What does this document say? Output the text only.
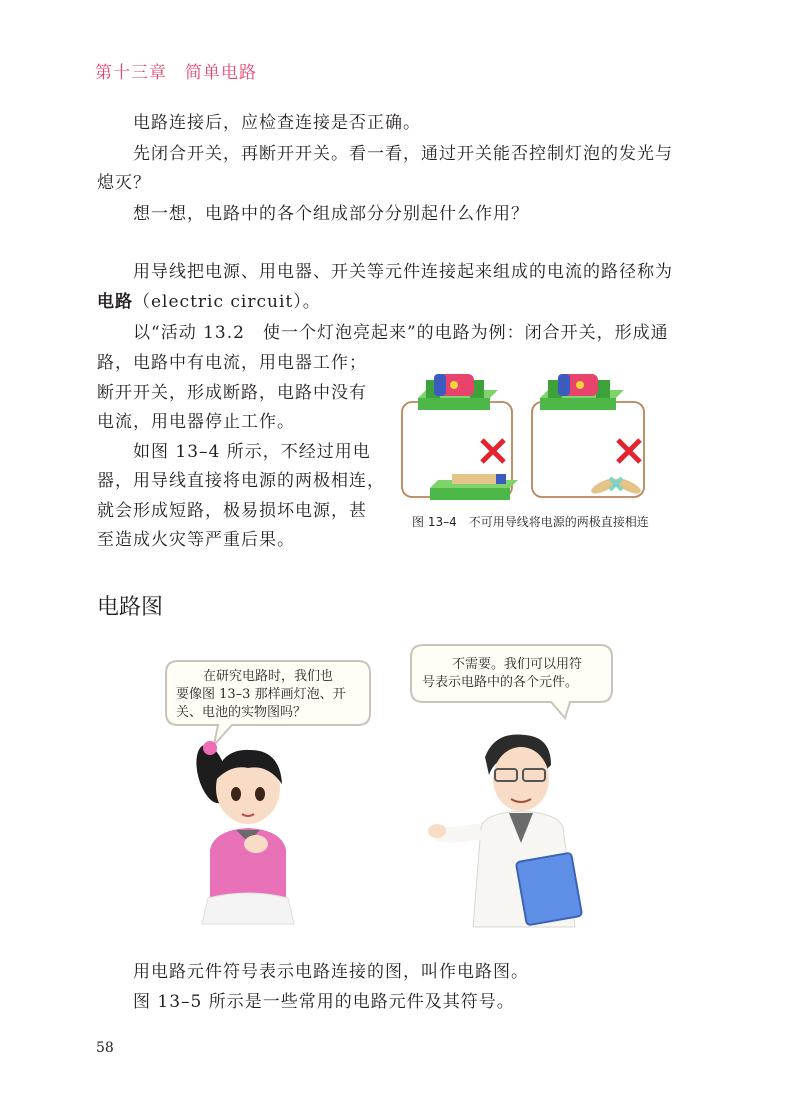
第十三章　简单电路
电路连接后，应检查连接是否正确。
先闭合开关，再断开开关。看一看，通过开关能否控制灯泡的发光与
熄灭？
想一想，电路中的各个组成部分分别起什么作用？
用导线把电源、用电器、开关等元件连接起来组成的电流的路径称为
电路（electric circuit）。
以“活动 13.2　使一个灯泡亮起来”的电路为例：闭合开关，形成通
路，电路中有电流，用电器工作；
断开开关，形成断路，电路中没有
电流，用电器停止工作。
如图 13–4 所示，不经过用电
器，用导线直接将电源的两极相连，
就会形成短路，极易损坏电源，甚
至造成火灾等严重后果。
图 13–4　不可用导线将电源的两极直接相连
电路图
在研究电路时，我们也
要像图 13–3 那样画灯泡、开
关、电池的实物图吗？
不需要。我们可以用符
号表示电路中的各个元件。
用电路元件符号表示电路连接的图，叫作电路图。
图 13–5 所示是一些常用的电路元件及其符号。
58
